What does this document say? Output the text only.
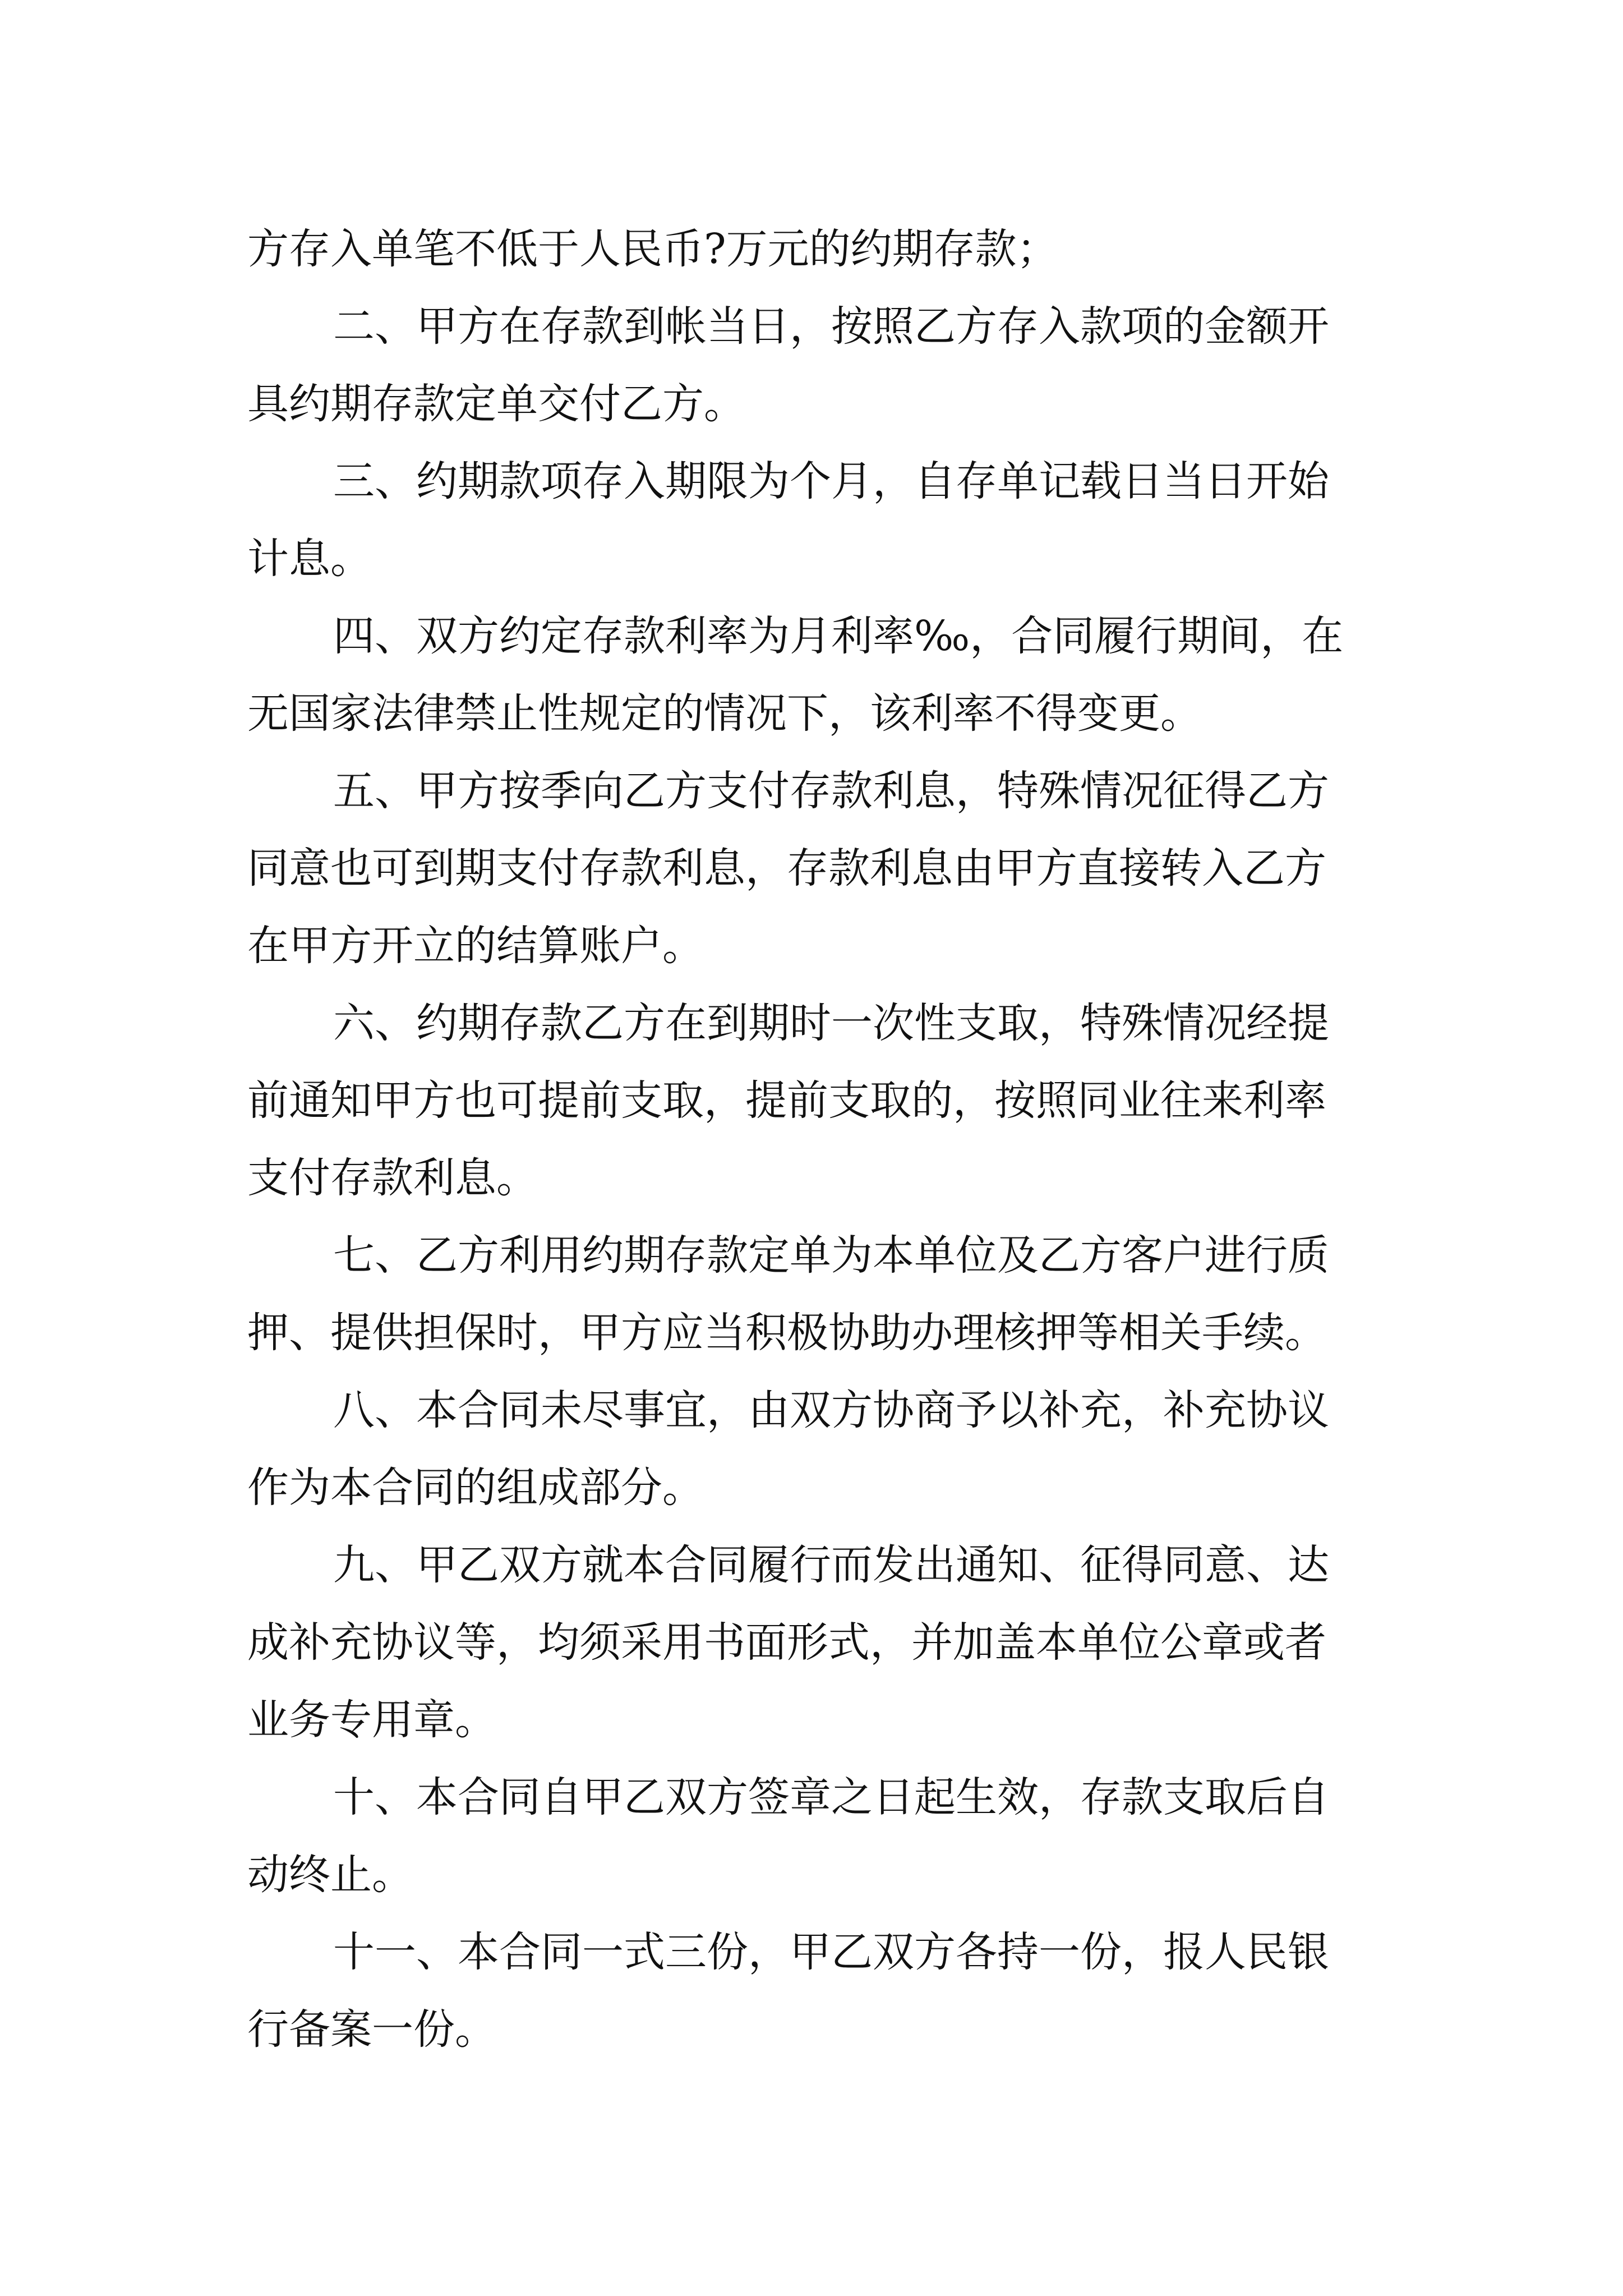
方存入单笔不低于人民币?万元的约期存款；
二、甲方在存款到帐当日，按照乙方存入款项的金额开
具约期存款定单交付乙方。
三、约期款项存入期限为个月，自存单记载日当日开始
计息。
四、双方约定存款利率为月利率‰，合同履行期间，在
无国家法律禁止性规定的情况下，该利率不得变更。
五、甲方按季向乙方支付存款利息，特殊情况征得乙方
同意也可到期支付存款利息，存款利息由甲方直接转入乙方
在甲方开立的结算账户。
六、约期存款乙方在到期时一次性支取，特殊情况经提
前通知甲方也可提前支取，提前支取的，按照同业往来利率
支付存款利息。
七、乙方利用约期存款定单为本单位及乙方客户进行质
押、提供担保时，甲方应当积极协助办理核押等相关手续。
八、本合同未尽事宜，由双方协商予以补充，补充协议
作为本合同的组成部分。
九、甲乙双方就本合同履行而发出通知、征得同意、达
成补充协议等，均须采用书面形式，并加盖本单位公章或者
业务专用章。
十、本合同自甲乙双方签章之日起生效，存款支取后自
动终止。
十一、本合同一式三份，甲乙双方各持一份，报人民银
行备案一份。
